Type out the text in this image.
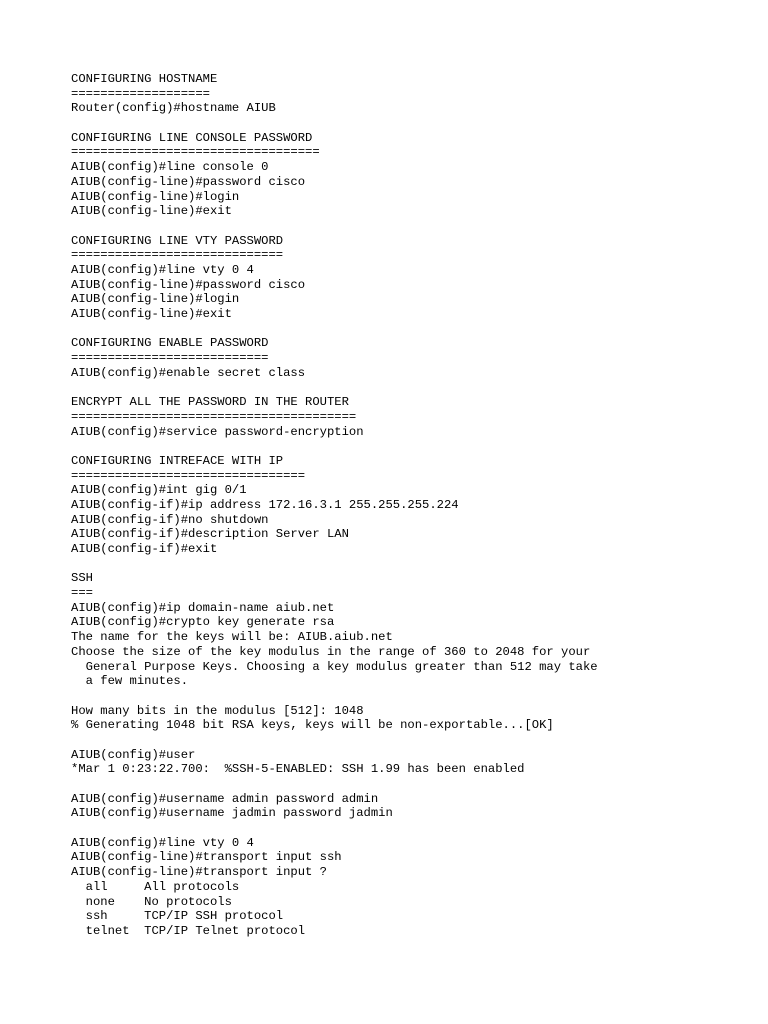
CONFIGURING HOSTNAME
===================
Router(config)#hostname AIUB
CONFIGURING LINE CONSOLE PASSWORD
==================================
AIUB(config)#line console 0
AIUB(config-line)#password cisco
AIUB(config-line)#login
AIUB(config-line)#exit
CONFIGURING LINE VTY PASSWORD
=============================
AIUB(config)#line vty 0 4
AIUB(config-line)#password cisco
AIUB(config-line)#login
AIUB(config-line)#exit
CONFIGURING ENABLE PASSWORD
===========================
AIUB(config)#enable secret class
ENCRYPT ALL THE PASSWORD IN THE ROUTER
=======================================
AIUB(config)#service password-encryption
CONFIGURING INTREFACE WITH IP
================================
AIUB(config)#int gig 0/1
AIUB(config-if)#ip address 172.16.3.1 255.255.255.224
AIUB(config-if)#no shutdown
AIUB(config-if)#description Server LAN
AIUB(config-if)#exit
SSH
===
AIUB(config)#ip domain-name aiub.net
AIUB(config)#crypto key generate rsa
The name for the keys will be: AIUB.aiub.net
Choose the size of the key modulus in the range of 360 to 2048 for your
General Purpose Keys. Choosing a key modulus greater than 512 may take
a few minutes.
How many bits in the modulus [512]: 1048
% Generating 1048 bit RSA keys, keys will be non-exportable...[OK]
AIUB(config)#user
*Mar 1 0:23:22.700:  %SSH-5-ENABLED: SSH 1.99 has been enabled
AIUB(config)#username admin password admin
AIUB(config)#username jadmin password jadmin
AIUB(config)#line vty 0 4
AIUB(config-line)#transport input ssh
AIUB(config-line)#transport input ?
all     All protocols
none    No protocols
ssh     TCP/IP SSH protocol
telnet  TCP/IP Telnet protocol
